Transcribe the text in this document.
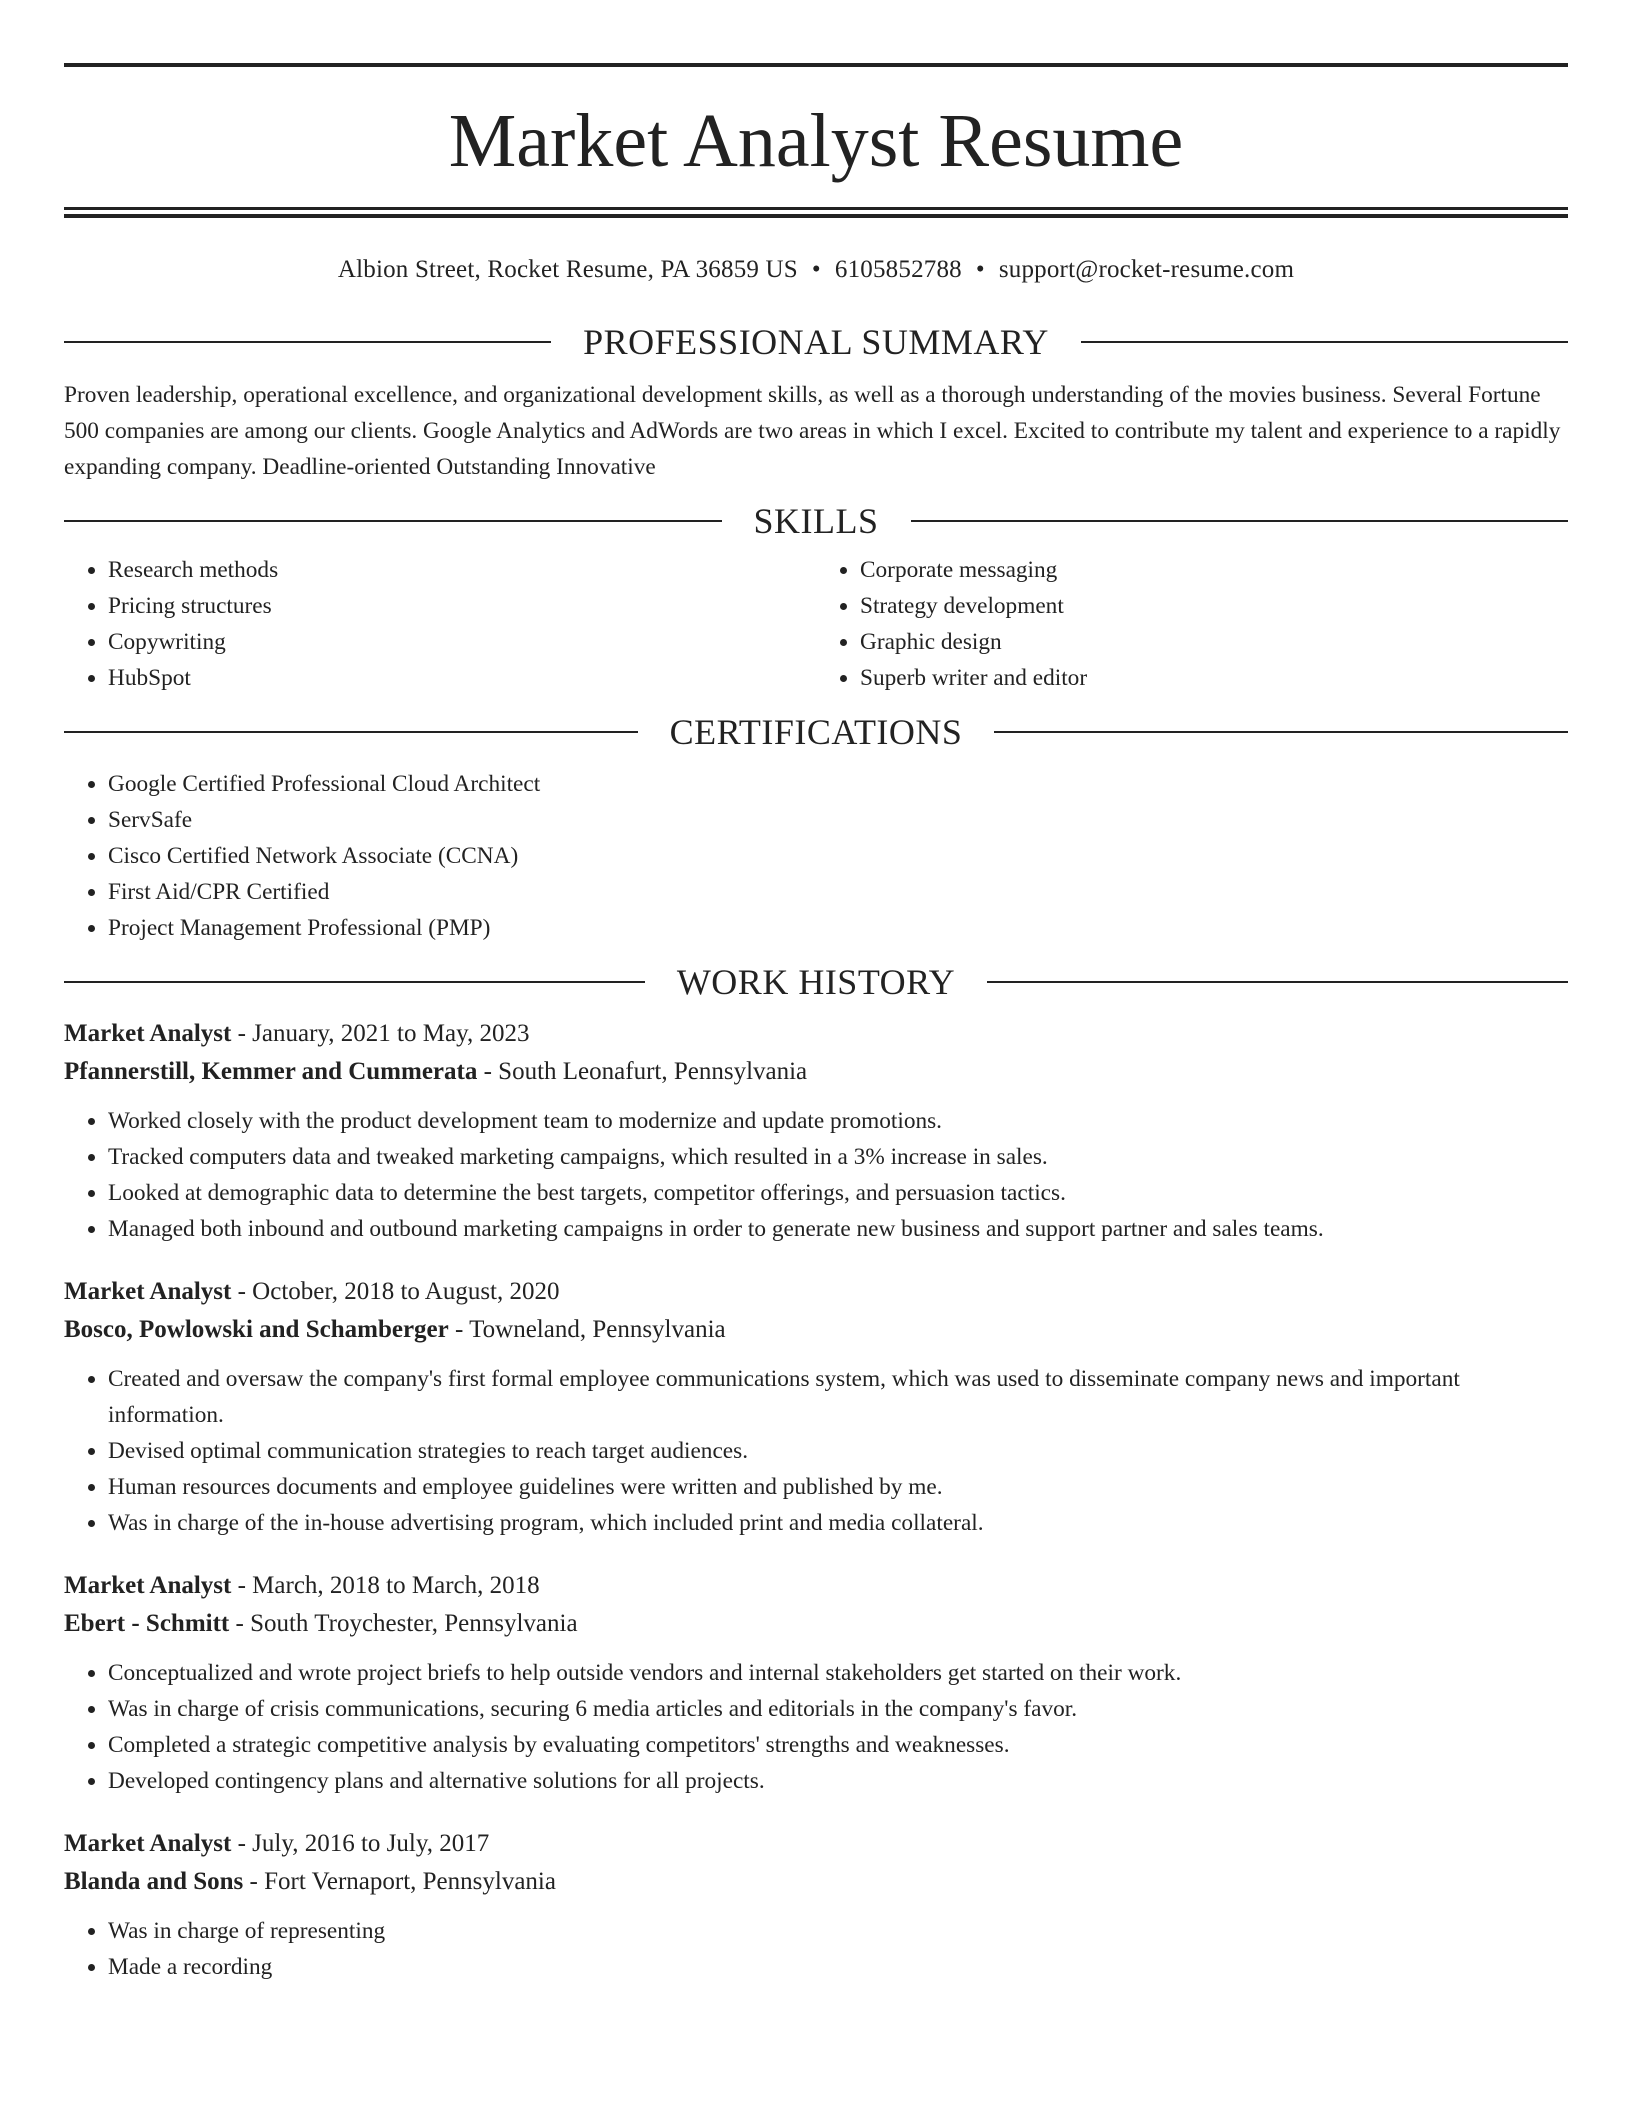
Market Analyst Resume
Albion Street, Rocket Resume, PA 36859 US • 6105852788 • support@rocket-resume.com
PROFESSIONAL SUMMARY

Proven leadership, operational excellence, and organizational development skills, as well as a thorough understanding of the movies business. Several Fortune 500 companies are among our clients. Google Analytics and AdWords are two areas in which I excel. Excited to contribute my talent and experience to a rapidly expanding company. Deadline-oriented Outstanding Innovative

SKILLS
• Research methods
• Pricing structures
• Copywriting
• HubSpot
• Corporate messaging
• Strategy development
• Graphic design
• Superb writer and editor
CERTIFICATIONS
• Google Certified Professional Cloud Architect
• ServSafe
• Cisco Certified Network Associate (CCNA)
• First Aid/CPR Certified
• Project Management Professional (PMP)
WORK HISTORY
Market Analyst - January, 2021 to May, 2023
Pfannerstill, Kemmer and Cummerata - South Leonafurt, Pennsylvania
• Worked closely with the product development team to modernize and update promotions.
• Tracked computers data and tweaked marketing campaigns, which resulted in a 3% increase in sales.
• Looked at demographic data to determine the best targets, competitor offerings, and persuasion tactics.
• Managed both inbound and outbound marketing campaigns in order to generate new business and support partner and sales teams.
Market Analyst - October, 2018 to August, 2020
Bosco, Powlowski and Schamberger - Towneland, Pennsylvania
• Created and oversaw the company's first formal employee communications system, which was used to disseminate company news and important information.
• Devised optimal communication strategies to reach target audiences.
• Human resources documents and employee guidelines were written and published by me.
• Was in charge of the in-house advertising program, which included print and media collateral.
Market Analyst - March, 2018 to March, 2018
Ebert - Schmitt - South Troychester, Pennsylvania
• Conceptualized and wrote project briefs to help outside vendors and internal stakeholders get started on their work.
• Was in charge of crisis communications, securing 6 media articles and editorials in the company's favor.
• Completed a strategic competitive analysis by evaluating competitors' strengths and weaknesses.
• Developed contingency plans and alternative solutions for all projects.
Market Analyst - July, 2016 to July, 2017
Blanda and Sons - Fort Vernaport, Pennsylvania
• Was in charge of representing
• Made a recording
